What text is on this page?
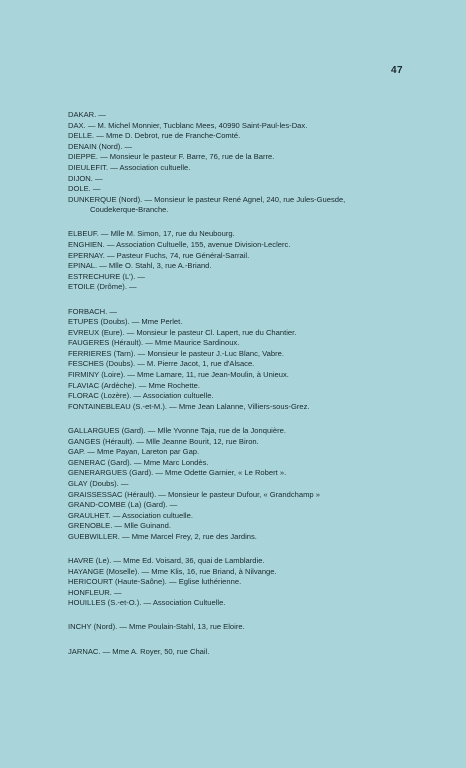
47
DAKAR. —
DAX. — M. Michel Monnier, Tucblanc Mees, 40990 Saint-Paul-les-Dax.
DELLE. — Mme D. Debrot, rue de Franche-Comté.
DENAIN (Nord). —
DIEPPE. — Monsieur le pasteur F. Barre, 76, rue de la Barre.
DIEULEFIT. — Association cultuelle.
DIJON. —
DOLE. —
DUNKERQUE (Nord). — Monsieur le pasteur René Agnel, 240, rue Jules-Guesde,
Coudekerque-Branche.
ELBEUF. — Mlle M. Simon, 17, rue du Neubourg.
ENGHIEN. — Association Cultuelle, 155, avenue Division-Leclerc.
EPERNAY. — Pasteur Fuchs, 74, rue Général-Sarrail.
EPINAL. — Mlle O. Stahl, 3, rue A.-Briand.
ESTRECHURE (L'). —
ETOILE (Drôme). —
FORBACH. —
ETUPES (Doubs). — Mme Perlet.
EVREUX (Eure). — Monsieur le pasteur Cl. Lapert, rue du Chantier.
FAUGERES (Hérault). — Mme Maurice Sardinoux.
FERRIERES (Tarn). — Monsieur le pasteur J.-Luc Blanc, Vabre.
FESCHES (Doubs). — M. Pierre Jacot, 1, rue d'Alsace.
FIRMINY (Loire). — Mme Lamare, 11, rue Jean-Moulin, à Unieux.
FLAVIAC (Ardèche). — Mme Rochette.
FLORAC (Lozère). — Association cultuelle.
FONTAINEBLEAU (S.-et-M.). — Mme Jean Lalanne, Villiers-sous-Grez.
GALLARGUES (Gard). — Mlle Yvonne Taja, rue de la Jonquière.
GANGES (Hérault). — Mlle Jeanne Bourit, 12, rue Biron.
GAP. — Mme Payan, Lareton par Gap.
GENERAC (Gard). — Mme Marc Londès.
GENERARGUES (Gard). — Mme Odette Garnier, « Le Robert ».
GLAY (Doubs). —
GRAISSESSAC (Hérault). — Monsieur le pasteur Dufour, « Grandchamp »
GRAND-COMBE (La) (Gard). —
GRAULHET. — Association cultuelle.
GRENOBLE. — Mlle Guinand.
GUEBWILLER. — Mme Marcel Frey, 2, rue des Jardins.
HAVRE (Le). — Mme Ed. Voisard, 36, quai de Lamblardie.
HAYANGE (Moselle). — Mme Klis, 16, rue Briand, à Nilvange.
HERICOURT (Haute-Saône). — Eglise luthérienne.
HONFLEUR. —
HOUILLES (S.-et-O.). — Association Cultuelle.
INCHY (Nord). — Mme Poulain-Stahl, 13, rue Eloire.
JARNAC. — Mme A. Royer, 50, rue Chail.
